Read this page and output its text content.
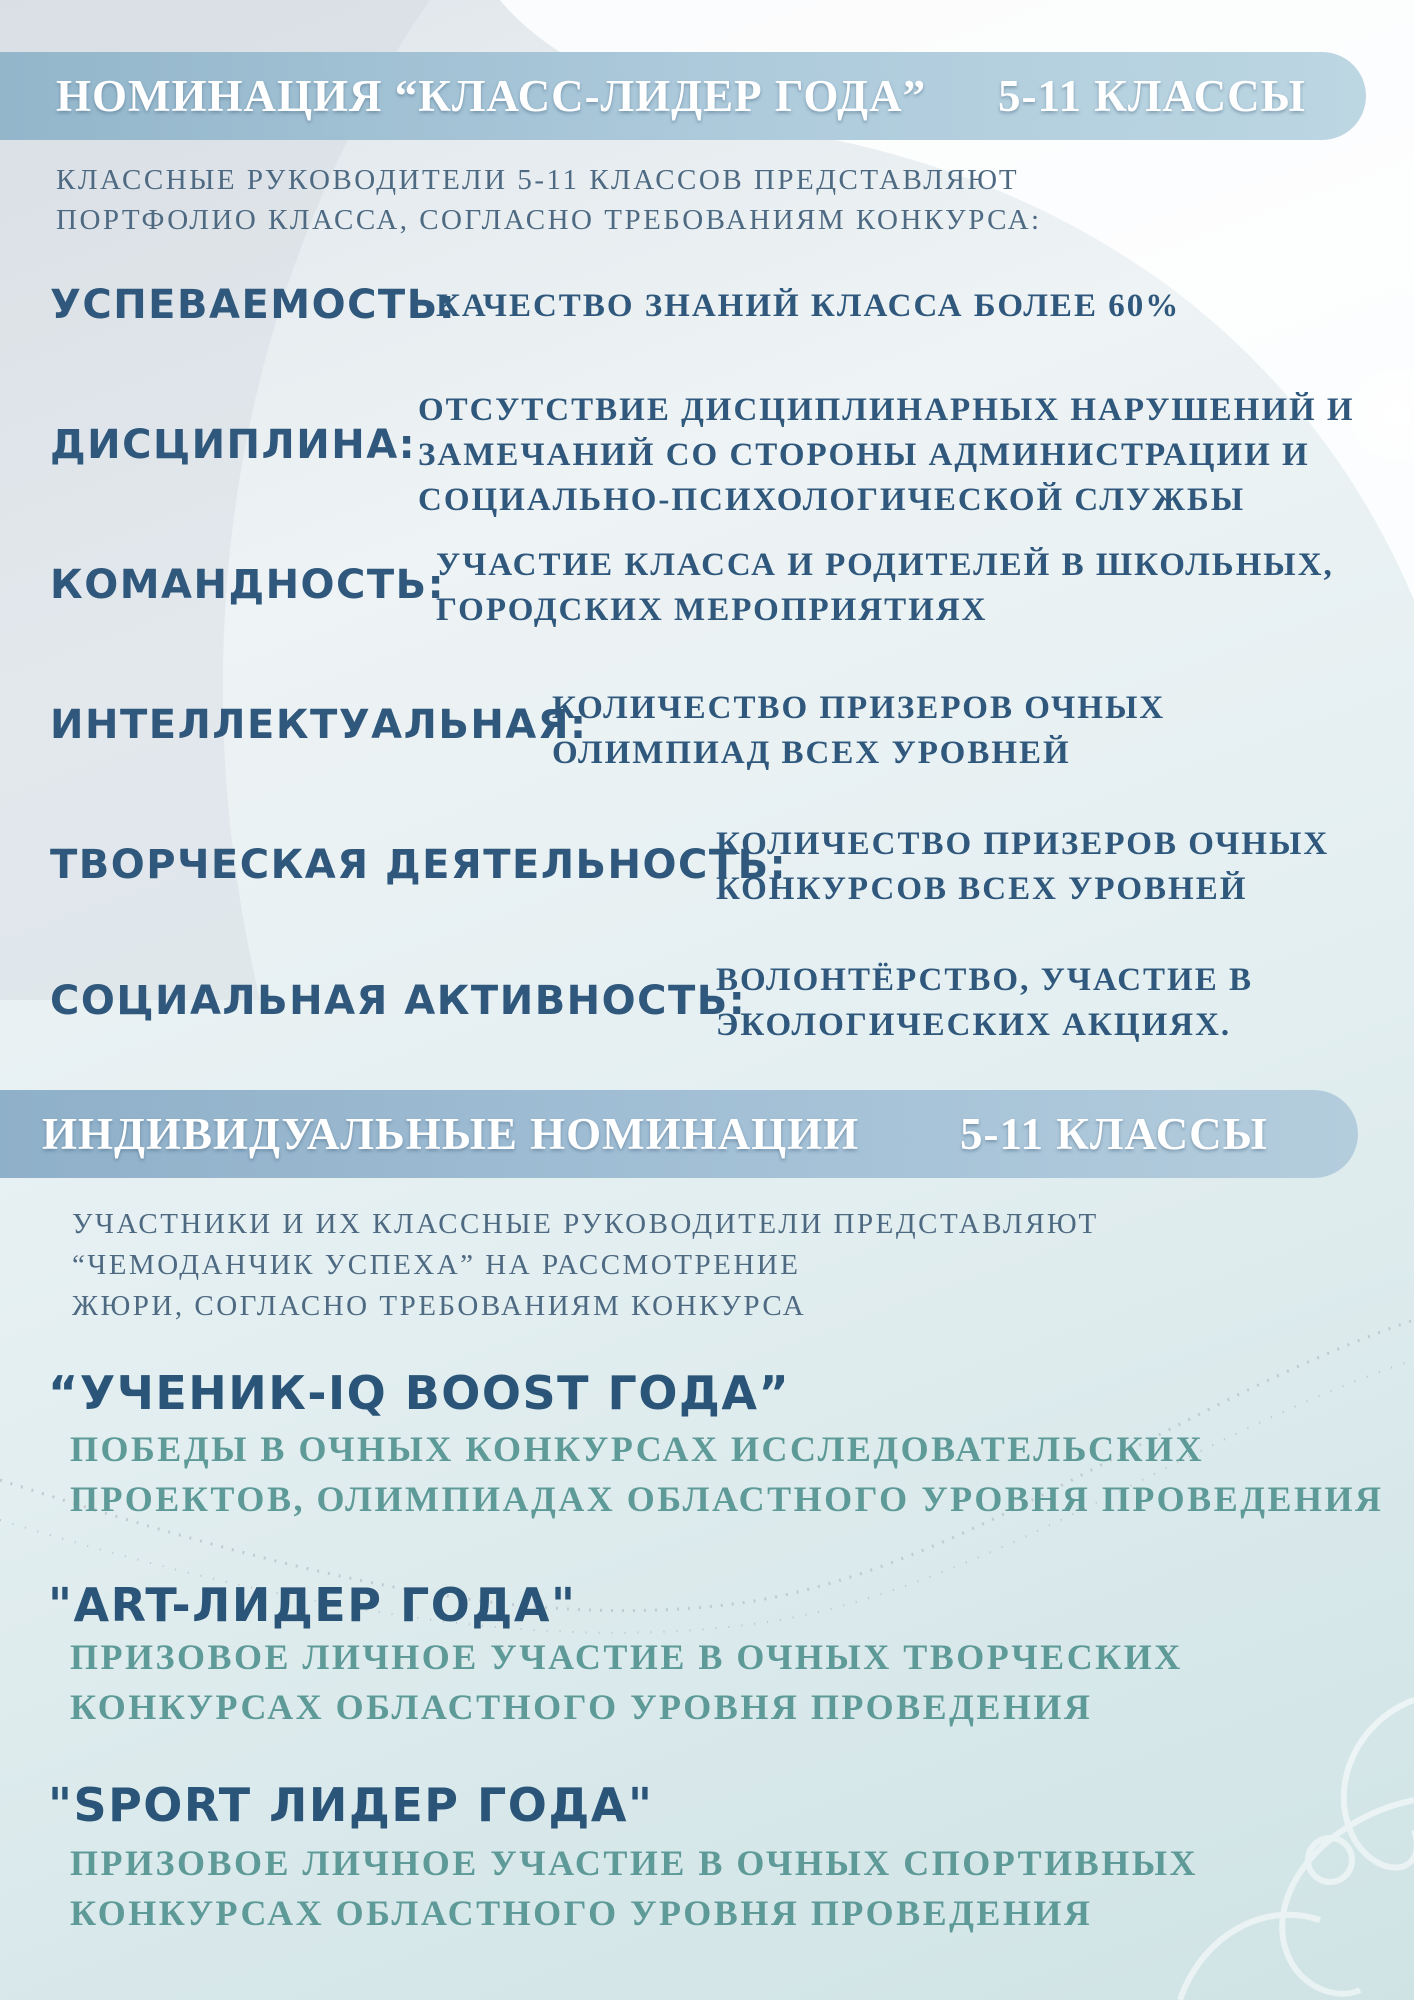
НОМИНАЦИЯ “КЛАСС-ЛИДЕР ГОДА” 5-11 КЛАССЫ
КЛАССНЫЕ РУКОВОДИТЕЛИ 5-11 КЛАССОВ ПРЕДСТАВЛЯЮТ
ПОРТФОЛИО КЛАССА, СОГЛАСНО ТРЕБОВАНИЯМ КОНКУРСА:
УСПЕВАЕМОСТЬ:
КАЧЕСТВО ЗНАНИЙ КЛАССА БОЛЕЕ 60%
ДИСЦИПЛИНА:
ОТСУТСТВИЕ ДИСЦИПЛИНАРНЫХ НАРУШЕНИЙ И
ЗАМЕЧАНИЙ СО СТОРОНЫ АДМИНИСТРАЦИИ И
СОЦИАЛЬНО-ПСИХОЛОГИЧЕСКОЙ СЛУЖБЫ
КОМАНДНОСТЬ:
УЧАСТИЕ КЛАССА И РОДИТЕЛЕЙ В ШКОЛЬНЫХ,
ГОРОДСКИХ МЕРОПРИЯТИЯХ
ИНТЕЛЛЕКТУАЛЬНАЯ:
КОЛИЧЕСТВО ПРИЗЕРОВ ОЧНЫХ
ОЛИМПИАД ВСЕХ УРОВНЕЙ
ТВОРЧЕСКАЯ ДЕЯТЕЛЬНОСТЬ:
КОЛИЧЕСТВО ПРИЗЕРОВ ОЧНЫХ
КОНКУРСОВ ВСЕХ УРОВНЕЙ
СОЦИАЛЬНАЯ АКТИВНОСТЬ:
ВОЛОНТЁРСТВО, УЧАСТИЕ В
ЭКОЛОГИЧЕСКИХ АКЦИЯХ.
ИНДИВИДУАЛЬНЫЕ НОМИНАЦИИ 5-11 КЛАССЫ
УЧАСТНИКИ И ИХ КЛАССНЫЕ РУКОВОДИТЕЛИ ПРЕДСТАВЛЯЮТ
“ЧЕМОДАНЧИК УСПЕХА” НА РАССМОТРЕНИЕ
ЖЮРИ, СОГЛАСНО ТРЕБОВАНИЯМ КОНКУРСА
“УЧЕНИК-IQ BOOST ГОДА”
ПОБЕДЫ В ОЧНЫХ КОНКУРСАХ ИССЛЕДОВАТЕЛЬСКИХ
ПРОЕКТОВ, ОЛИМПИАДАХ ОБЛАСТНОГО УРОВНЯ ПРОВЕДЕНИЯ
"ART-ЛИДЕР ГОДА"
ПРИЗОВОЕ ЛИЧНОЕ УЧАСТИЕ В ОЧНЫХ ТВОРЧЕСКИХ
КОНКУРСАХ ОБЛАСТНОГО УРОВНЯ ПРОВЕДЕНИЯ
"SPORT ЛИДЕР ГОДА"
ПРИЗОВОЕ ЛИЧНОЕ УЧАСТИЕ В ОЧНЫХ СПОРТИВНЫХ
КОНКУРСАХ ОБЛАСТНОГО УРОВНЯ ПРОВЕДЕНИЯ
